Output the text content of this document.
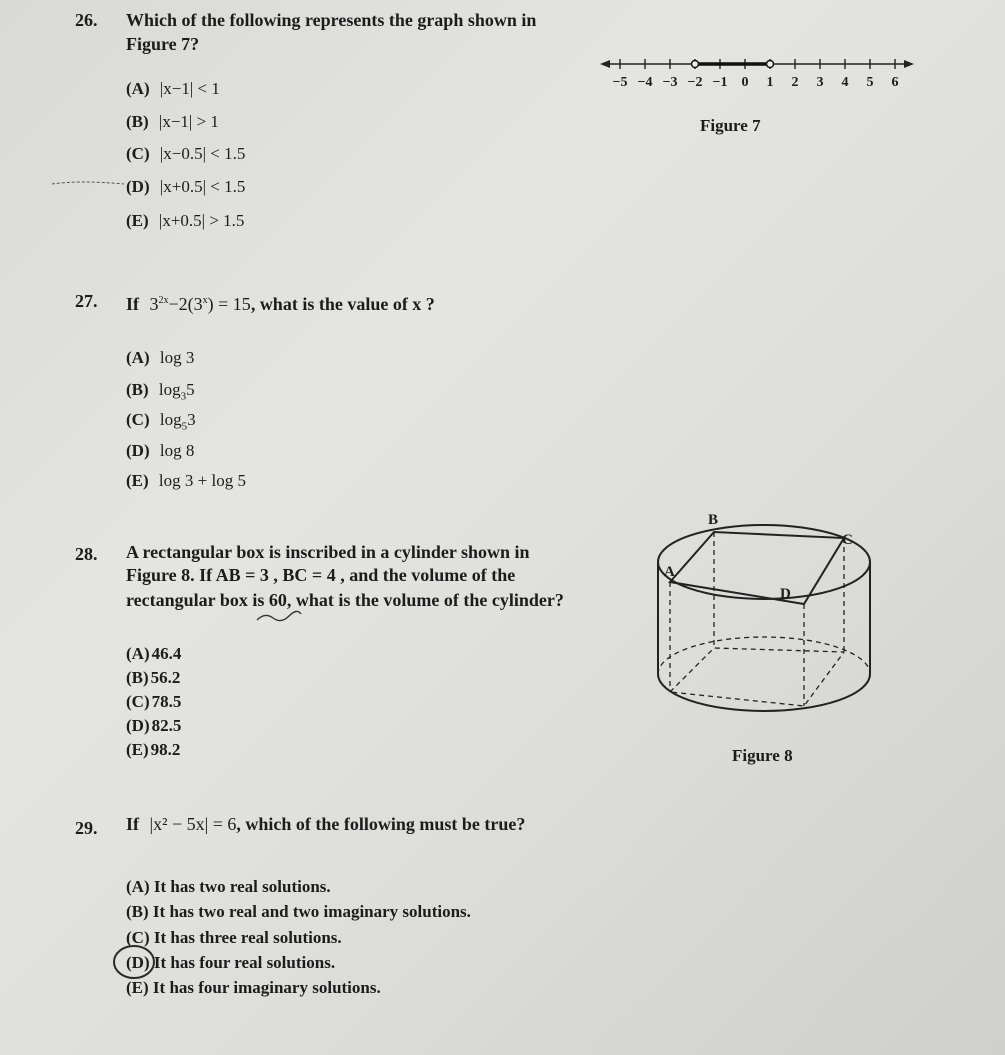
26. Which of the following represents the graph shown in
Figure 7?
(A) |x−1| < 1
(B) |x−1| > 1
(C) |x−0.5| < 1.5
(D) |x+0.5| < 1.5
(E) |x+0.5| > 1.5
−5 −4 −3 −2 −1 0 1 2 3 4 5 6
Figure 7
27. If $3^{2x}-2(3^x) = 15$, what is the value of x ?
(A) log 3
(B) $\log_35$
(C) $\log_53$
(D) log 8
(E) log 3 + log 5
28. A rectangular box is inscribed in a cylinder shown in
Figure 8. If AB = 3 , BC = 4 , and the volume of the
rectangular box is 60, what is the volume of the cylinder?
(A) 46.4
(B) 56.2
(C) 78.5
(D) 82.5
(E) 98.2
B
C
A
D
Figure 8
29. If |x² − 5x| = 6, which of the following must be true?
(A) It has two real solutions.
(B) It has two real and two imaginary solutions.
(C) It has three real solutions.
(D) It has four real solutions.
(E) It has four imaginary solutions.
